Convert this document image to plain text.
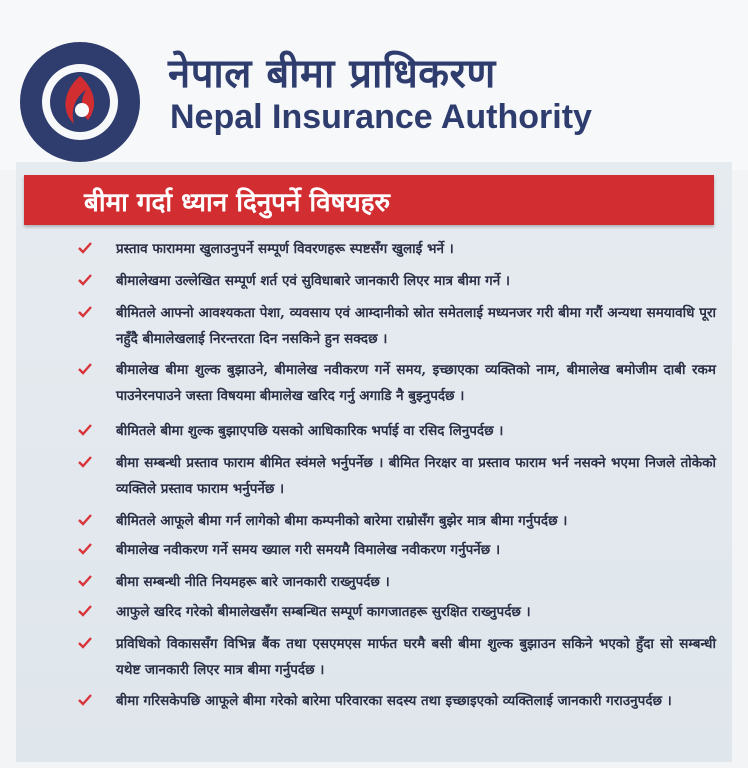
नेपाल बीमा प्राधिकरण
Nepal Insurance Authority
बीमा गर्दा ध्यान दिनुपर्ने विषयहरु
प्रस्ताव फाराममा खुलाउनुपर्ने सम्पूर्ण विवरणहरू स्पष्टसँग खुलाई भर्ने ।
बीमालेखमा उल्लेखित सम्पूर्ण शर्त एवं सुविधाबारे जानकारी लिएर मात्र बीमा गर्ने ।
बीमितले आफ्नो आवश्यकता पेशा, व्यवसाय एवं आम्दानीको स्रोत समेतलाई मध्यनजर गरी बीमा गरौं अन्यथा समयावधि पूरा नहुँदै बीमालेखलाई निरन्तरता दिन नसकिने हुन सक्दछ ।
बीमालेख बीमा शुल्क बुझाउने, बीमालेख नवीकरण गर्ने समय, इच्छाएका व्यक्तिको नाम, बीमालेख बमोजीम दाबी रकम पाउनेरनपाउने जस्ता विषयमा बीमालेख खरिद गर्नु अगाडि नै बुझ्नुपर्दछ ।
बीमितले बीमा शुल्क बुझाएपछि यसको आधिकारिक भर्पाई वा रसिद लिनुपर्दछ ।
बीमा सम्बन्धी प्रस्ताव फाराम बीमित स्वंमले भर्नुपर्नेछ । बीमित निरक्षर वा प्रस्ताव फाराम भर्न नसक्ने भएमा निजले तोकेको व्यक्तिले प्रस्ताव फाराम भर्नुपर्नेछ ।
बीमितले आफूले बीमा गर्न लागेको बीमा कम्पनीको बारेमा राम्रोसँग बुझेर मात्र बीमा गर्नुपर्दछ ।
बीमालेख नवीकरण गर्ने समय ख्याल गरी समयमै विमालेख नवीकरण गर्नुपर्नेछ ।
बीमा सम्बन्धी नीति नियमहरू बारे जानकारी राख्नुपर्दछ ।
आफुले खरिद गरेको बीमालेखसँग सम्बन्धित सम्पूर्ण कागजातहरू सुरक्षित राख्नुपर्दछ ।
प्रविधिको विकाससँग विभिन्न बैंक तथा एसएमएस मार्फत घरमै बसी बीमा शुल्क बुझाउन सकिने भएको हुँदा सो सम्बन्धी यथेष्ट जानकारी लिएर मात्र बीमा गर्नुपर्दछ ।
बीमा गरिसकेपछि आफूले बीमा गरेको बारेमा परिवारका सदस्य तथा इच्छाइएको व्यक्तिलाई जानकारी गराउनुपर्दछ ।
